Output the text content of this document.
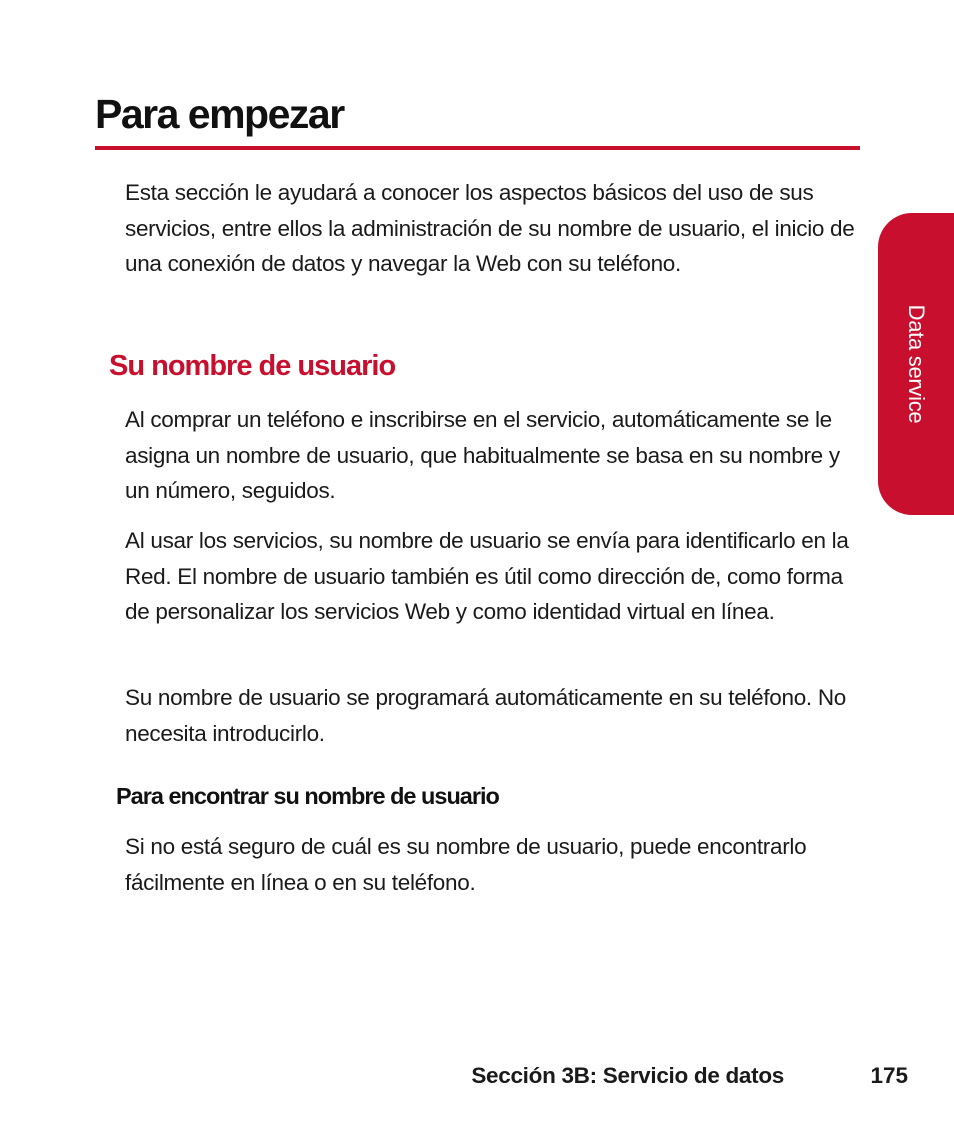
Para empezar

Esta sección le ayudará a conocer los aspectos básicos del uso de sus servicios, entre ellos la administración de su nombre de usuario, el inicio de una conexión de datos y navegar la Web con su teléfono.

Su nombre de usuario

Al comprar un teléfono e inscribirse en el servicio, automáticamente se le asigna un nombre de usuario, que habitualmente se basa en su nombre y un número, seguidos.

Al usar los servicios, su nombre de usuario se envía para identificarlo en la Red. El nombre de usuario también es útil como dirección de, como forma de personalizar los servicios Web y como identidad virtual en línea.

Su nombre de usuario se programará automáticamente en su teléfono. No necesita introducirlo.

Para encontrar su nombre de usuario

Si no está seguro de cuál es su nombre de usuario, puede encontrarlo fácilmente en línea o en su teléfono.

Data service
Sección 3B: Servicio de datos	175
